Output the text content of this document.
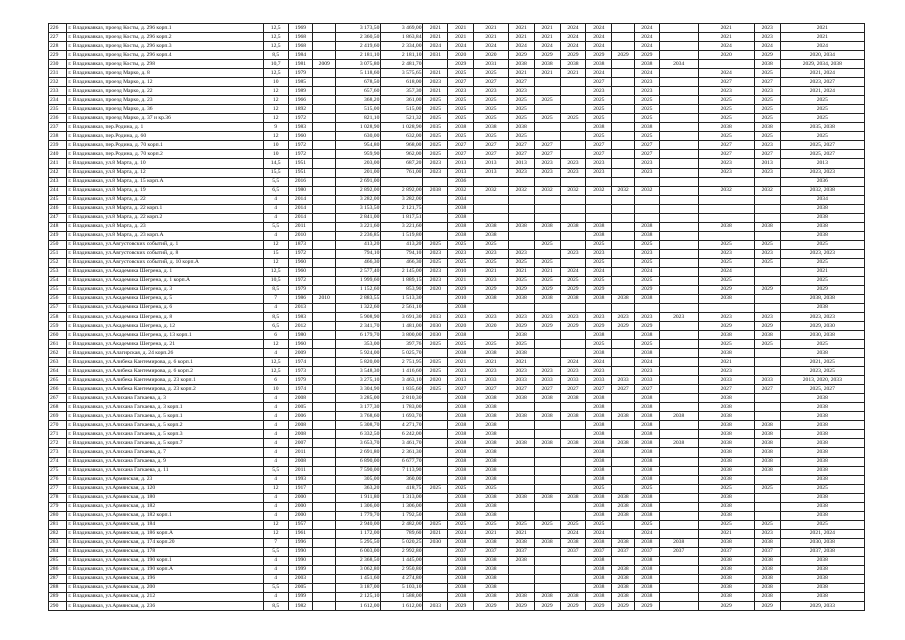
226	г. Владикавказ, проезд Косты, д. 296 корп.1	12,5	1969		3 173,50	3 469,00	2021	2021	2021	2021	2021	2024	2024		2024		2021	2023	2021
227	г. Владикавказ, проезд Косты, д. 296 корп.2	12,5	1968		2 360,50	1 863,84	2021	2021	2021	2021	2021	2024	2024		2024		2021	2023	2021
228	г. Владикавказ, проезд Косты, д. 296 корп.3	12,5	1968		2 419,60	2 334,00	2024	2024	2024	2024	2024	2024	2024		2024		2024	2024	2024
229	г. Владикавказ, проезд Косты, д. 296 корп.4	8,5	1984		2 181,10	2 181,10	2031	2020	2020	2029	2029	2029	2029	2029	2029		2020	2029	2020, 2034
230	г. Владикавказ, проезд Косты, д. 298	10,7	1981	2009	3 075,80	2 481,70		2029	2031	2038	2038	2038	2038		2038	2034		2038	2029, 2034, 2038
231	г. Владикавказ, проезд Марко, д. 8	12,5	1979		5 118,60	3 575,65	2021	2025	2025	2021	2021	2021	2024		2024		2024	2025	2021, 2024
232	г. Владикавказ, проезд Марко, д. 12	10	1985		678,50	618,00	2023	2027	2027	2027			2027		2023		2027	2027	2023, 2027
233	г. Владикавказ, проезд Марко, д. 22	12	1989		657,60	357,30	2021	2023	2023	2023			2023		2023		2023	2023	2021, 2024
234	г. Владикавказ, проезд Марко, д. 23	12	1966		368,20	361,00	2025	2025	2025	2025	2025		2025		2025		2025	2025	2025
235	г. Владикавказ, проезд Марко, д. 36	12	1892		515,00	515,00	2025	2025	2025	2025			2025		2025		2025	2025	2025
236	г. Владикавказ, проезд Марко, д. 37 и кр.36	12	1972		821,10	521,32	2025	2025	2025	2025	2025	2025	2025		2025		2025	2025	2025
237	г. Владикавказ, пер.Родина, д. 1	9	1983		1 028,90	1 028,90	2035	2038	2038	2038			2038		2038		2038	2038	2035, 2038
238	г. Владикавказ, пер.Родина, д. 60	12	1960		630,00	632,00	2025	2025	2025	2025			2025		2025		2025	2025	2025
239	г. Владикавказ, пер.Родина, д. 70 корп.1	10	1972		954,80	968,00	2025	2027	2027	2027	2027		2027		2027		2027	2023	2025, 2027
240	г. Владикавказ, пер.Родина, д. 70 корп.2	10	1972		959,90	962,00	2025	2027	2027	2027	2027		2027		2027		2027	2027	2025, 2027
241	г. Владикавказ, ул.8 Марта, д. 10	14,5	1951		203,00	687,20	2023	2013	2013	2013	2023	2023	2023		2023		2023	2013	2013
242	г. Владикавказ, ул.8 Марта, д. 12	15,5	1951		201,00	761,00	2023	2013	2013	2023	2023	2023	2023		2023		2023	2023	2023, 2023
243	г. Владикавказ, ул.8 Марта, д. 15 корп.А	5,5	2016		2 691,00			2036											2036
244	г. Владикавказ, ул.8 Марта, д. 19	6,5	1980		2 892,00	2 892,00	2038	2032	2032	2032	2032	2032	2032	2032	2032		2032	2032	2032, 2038
245	г. Владикавказ, ул.8 Марта, д. 22	4	2014		3 282,00	3 282,00		2034											2034
246	г. Владикавказ, ул.8 Марта, д. 22 корп.1	4	2014		3 153,50	2 121,75		2038											2038
247	г. Владикавказ, ул.8 Марта, д. 22 корп.2	4	2014		2 841,00	1 817,51		2038											2038
248	г. Владикавказ, ул.8 Марта, д. 23	5,5	2011		3 221,60	3 221,60		2038	2038	2038	2038	2038	2038		2038		2038	2038	2038
249	г. Владикавказ, ул.8 Марта, д. 23 корп.А	4	2010		2 236,85	1 519,80		2038	2038				2038		2038				2038
250	г. Владикавказ, ул.Августовских событий, д. 1	12	1873		413,20	413,20	2025	2025	2025		2025		2025		2025		2025	2025	2025
251	г. Владикавказ, ул.Августовских событий, д. 8	15	1972		794,10	794,10	2023	2023	2023	2023		2023	2023		2023		2023	2023	2023, 2023
252	г. Владикавказ, ул.Августовских событий, д. 10 корп.А	12	1960		466,30	466,30	2025	2025	2025	2025	2025		2025		2025		2025	2025	2025
253	г. Владикавказ, ул.Академика Шегрена, д. 1	12,5	1960		2 577,40	2 145,00	2023	2010	2021	2021	2021	2024	2024		2024		2024		2021
254	г. Владикавказ, ул.Академика Шегрена, д. 1 корп.А	10,5	1972		1 999,60	1 889,15	2023	2021	2023	2025	2025	2025	2025		2025		2025		2025
255	г. Владикавказ, ул.Академика Шегрена, д. 3	8,5	1979		1 152,60	853,90	2020	2029	2029	2029	2029	2029	2029		2029		2029	2029	2029
256	г. Владикавказ, ул.Академика Шегрена, д. 5	7	1986	2010	2 883,55	1 513,30		2010	2038	2038	2038	2038	2038	2038	2038		2038		2038, 2038
257	г. Владикавказ, ул.Академика Шегрена, д. 6	4	2013		1 322,60	2 561,10		2038											2038
258	г. Владикавказ, ул.Академика Шегрена, д. 8	8,5	1983		5 908,90	3 691,30	2033	2023	2023	2023	2023	2023	2023	2023	2023	2023	2023	2023	2023, 2023
259	г. Владикавказ, ул.Академика Шегрена, д. 12	6,5	2012		2 341,70	1 481,00	2030	2020	2020	2029	2029	2029	2029	2029	2029		2029	2029	2029, 2030
260	г. Владикавказ, ул.Академика Шегрена, д. 13 корп.1	6	1980		6 179,70	3 800,00	2030	2038		2038			2038		2038		2038	2038	2030, 2038
261	г. Владикавказ, ул.Академика Шегрена, д. 21	12	1960		353,00	397,76	2025	2025	2025	2025			2025		2025		2025	2025	2025
262	г. Владикавказ, ул.Алагирская, д. 24 корп.26	4	2009		5 924,00	5 025,70		2038	2038	2038			2038		2038		2038		2038
263	г. Владикавказ, ул.Алибека Кантемирова, д. 6 корп.1	12,5	1974		5 820,00	2 751,95	2025	2021	2021	2021		2024	2024		2024		2021		2021, 2025
264	г. Владикавказ, ул.Алибека Кантемирова, д. 6 корп.2	12,5	1973		3 548,30	1 416,60	2025	2023	2023	2023	2023	2023	2023		2023		2023		2023, 2025
265	г. Владикавказ, ул.Алибека Кантемирова, д. 23 корп.1	6	1979		3 275,10	3 463,10	2020	2013	2033	2033	2033	2033	2033	2033	2033		2033	2033	2013, 2020, 2033
266	г. Владикавказ, ул.Алибека Кантемирова, д. 23 корп.2	10	1974		3 304,90	1 835,60	2025	2027	2027	2027	2027	2027	2027	2027	2027		2027	2027	2025, 2027
267	г. Владикавказ, ул.Алихана Гагкаева, д. 3	4	2008		3 285,00	2 810,30		2038	2038	2038	2038	2038	2038		2038		2038		2038
268	г. Владикавказ, ул.Алихана Гагкаева, д. 3 корп.1	4	2005		3 177,30	1 783,00		2038	2038				2038		2038		2038		2038
269	г. Владикавказ, ул.Алихана Гагкаева, д. 5 корп.1	4	2006		3 768,60	1 693,70		2038	2038	2038	2038	2038	2038	2038	2038	2038	2038		2038
270	г. Владикавказ, ул.Алихана Гагкаева, д. 5 корп.2	4	2008		5 308,70	4 271,70		2038	2038				2038		2038		2038	2038	2038
271	г. Владикавказ, ул.Алихана Гагкаева, д. 5 корп.3	4	2008		6 332,50	6 242,00		2038	2038				2038		2038		2038	2038	2038
272	г. Владикавказ, ул.Алихана Гагкаева, д. 5 корп.7	4	2007		3 653,70	3 461,70		2038	2038	2038	2038	2038	2038	2038	2038	2038	2038	2038	2038
273	г. Владикавказ, ул.Алихана Гагкаева, д. 7	4	2011		2 691,80	2 361,30		2038	2038				2038		2038		2038	2038	2038
274	г. Владикавказ, ул.Алихана Гагкаева, д. 9	4	2008		6 890,00	6 677,70		2038	2038				2038		2038		2038	2038	2038
275	г. Владикавказ, ул.Алихана Гагкаева, д. 11	5,5	2011		7 590,00	7 113,90		2038	2038				2038		2038		2038	2038	2038
276	г. Владикавказ, ул.Армянская, д. 23	4	1993		305,00	360,00		2038	2038				2038		2038		2038		2038
277	г. Владикавказ, ул.Армянская, д. 120	12	1917		363,20	418,75	2025	2025	2025				2025		2025		2025	2025	2025
278	г. Владикавказ, ул.Армянская, д. 180	4	2000		1 911,80	1 313,00		2038	2038	2038	2038	2038	2038	2038	2038		2038		2038
279	г. Владикавказ, ул.Армянская, д. 182	4	2000		1 306,00	1 306,00		2038	2038				2038	2038	2038		2038		2038
280	г. Владикавказ, ул.Армянская, д. 182 корп.1	4	2000		1 779,70	1 792,50		2038	2038				2038	2038	2038		2038		2038
281	г. Владикавказ, ул.Армянская, д. 184	12	1957		2 940,00	2 482,00	2025	2025	2025	2025	2025	2025	2025		2025		2025	2025	2025
282	г. Владикавказ, ул.Армянская, д. 186 корп.А	12	1961		1 172,00	789,60	2021	2024	2021	2021		2024	2024		2024		2021	2023	2021, 2024
283	г. Владикавказ, ул.Армянская, д. 174 корп.20	7	1996		5 295,50	5 020,25	2030	2038	2038	2038	2038	2038	2038	2038	2038	2038	2038	2038	2030, 2038
284	г. Владикавказ, ул.Армянская, д. 178	5,5	1990		6 003,00	2 992,80		2037	2037	2037		2037	2037	2037	2037	2037	2037	2037	2037, 2038
285	г. Владикавказ, ул.Армянская, д. 190 корп.1	4	1990		2 368,50	1 445,00		2038	2038	2038			2038		2038		2038	2038	2038
286	г. Владикавказ, ул.Армянская, д. 190 корп.А	4	1999		3 062,80	2 950,80		2038	2038				2038	2038	2038		2038	2038	2038
287	г. Владикавказ, ул.Армянская, д. 196	4	2003		1 451,60	4 274,80		2038	2038				2038	2038	2038		2038	2038	2038
288	г. Владикавказ, ул.Армянская, д. 200	5,5	2005		3 187,00	5 103,10		2038	2038				2038	2038	2038		2038	2038	2038
289	г. Владикавказ, ул.Армянская, д. 212	4	1999		2 125,10	1 588,00		2038	2038	2038	2038	2038	2038	2038	2038		2038	2038	2038
290	г. Владикавказ, ул.Армянская, д. 236	8,5	1982		1 612,00	1 612,00	2033	2029	2029	2029	2029	2029	2029	2029	2029		2029	2029	2029, 2033
